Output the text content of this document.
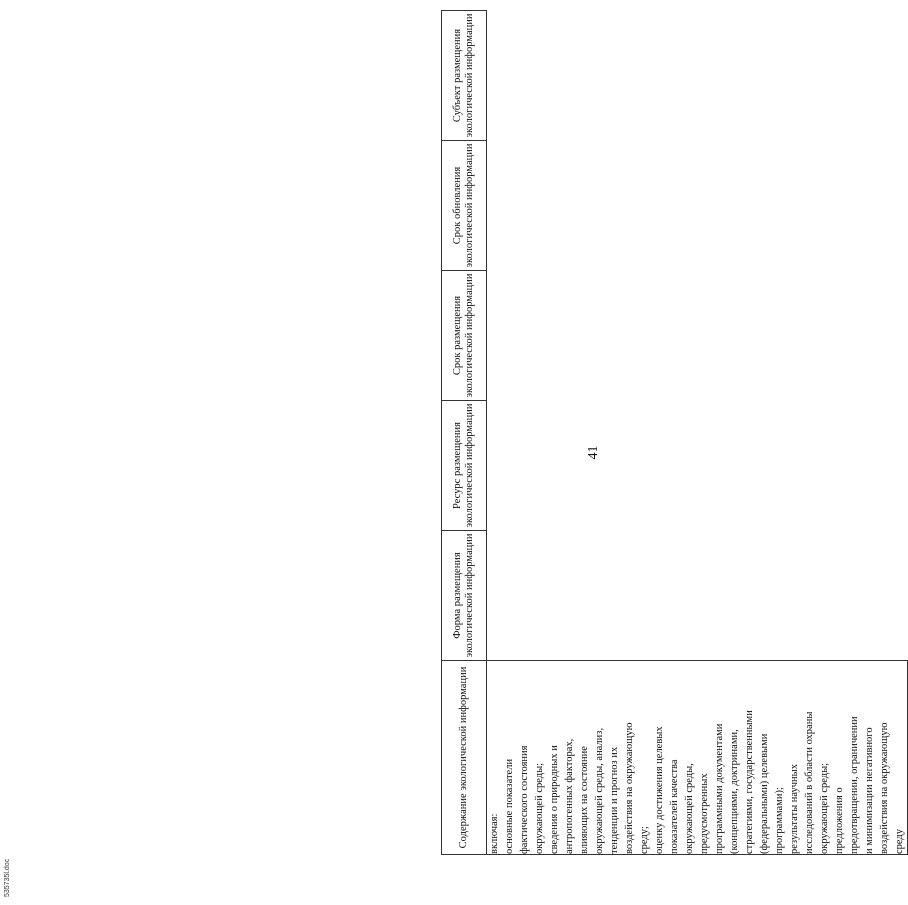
41
Содержание экологической информации	Форма размещения экологической информации	Ресурс размещения экологической информации	Срок размещения экологической информации	Срок обновления экологической информации	Субъект размещения экологической информации

включая: основные показатели фактического состояния окружающей среды; сведения о природных и антропогенных факторах, влияющих на состояние окружающей среды, анализ, тенденции и прогноз их воздействия на окружающую среду; оценку достижения целевых показателей качества окружающей среды, предусмотренных программными документами (концепциями, доктринами, стратегиями, государственными (федеральными) целевыми программами); результаты научных исследований в области охраны окружающей среды; предложения о предотвращении, ограничении и минимизации негативного воздействия на окружающую среду
535735l.doc
